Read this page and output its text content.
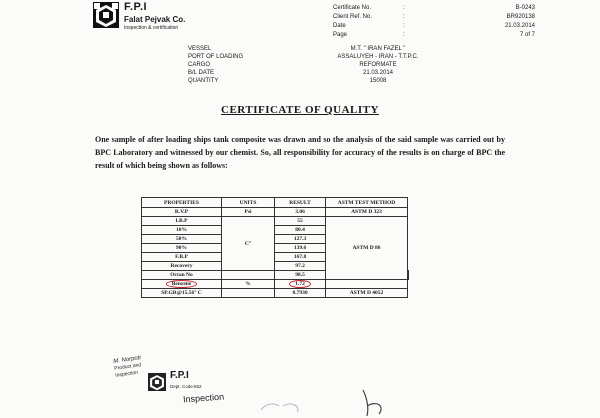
F.P.I
Falat Pejvak Co.
Inspection & certification
Certificate No.	:	B-0243
Client Ref. No.	:	BR920138
Date	:	21.03.2014
Page	:	7 of 7
VESSEL	M.T. " IRAN FAZEL "
PORT OF LOADING	ASSALUYEH - IRAN - T.T.P.C.
CARGO	REFORMATE
B/L DATE	21.03.2014
QUANTITY	15008
CERTIFICATE OF QUALITY
One sample of after loading ships tank composite was drawn and so the analysis of the said sample was carried out by BPC Laboratory and witnessed by our chemist. So, all responsibility for accuracy of the results is on charge of BPC the result of which being shown as follows:
PROPERTIES	UNITS	RESULT	ASTM TEST METHOD	
R.V.P	Psi	3.06	ASTM D 323	
I.B.P	C°	55	ASTM D 86	
10%		80.4		
50%		127.3		
90%		139.6		
F.B.P		167.8		
Recovery		97.2		
Octan No		98.5		
Benzene	%	1.72		
SP.GR@15.56° C		0.7930	ASTM D 4052	
M. Norpoti
Product and
Inspection	F.P.I
Dept. Code:652
Inspection
